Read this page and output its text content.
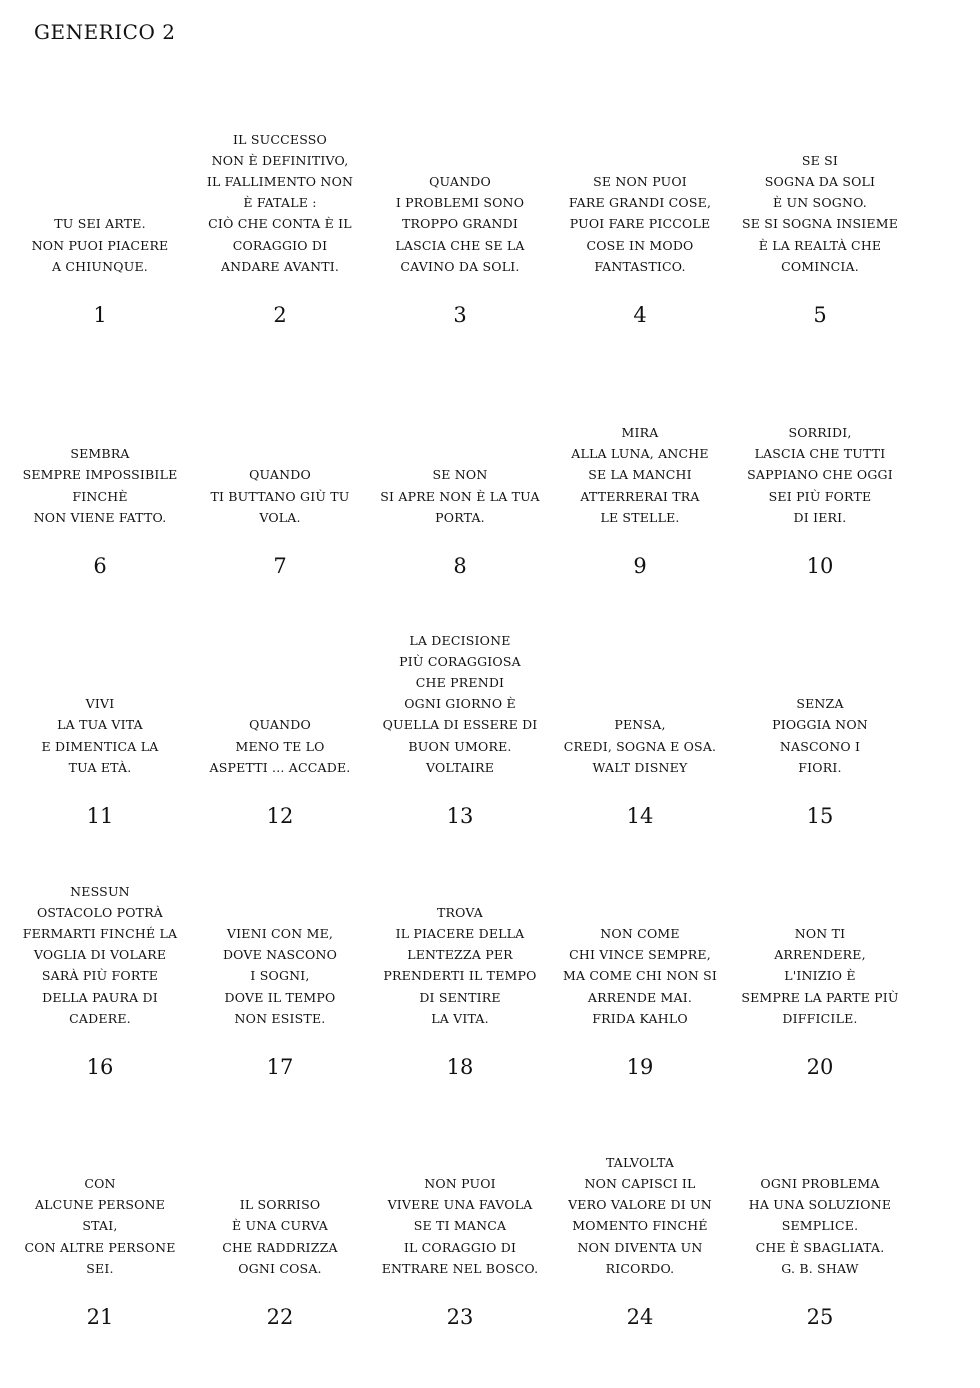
GENERICO 2
TU SEI ARTE.
NON PUOI PIACERE
A CHIUNQUE.
1
IL SUCCESSO
NON È DEFINITIVO,
IL FALLIMENTO NON
È FATALE :
CIÒ CHE CONTA È IL
CORAGGIO DI
ANDARE AVANTI.
2
QUANDO
I PROBLEMI SONO
TROPPO GRANDI
LASCIA CHE SE LA
CAVINO DA SOLI.
3
SE NON PUOI
FARE GRANDI COSE,
PUOI FARE PICCOLE
COSE IN MODO
FANTASTICO.
4
SE SI
SOGNA DA SOLI
È UN SOGNO.
SE SI SOGNA INSIEME
È LA REALTÀ CHE
COMINCIA.
5
SEMBRA
SEMPRE IMPOSSIBILE
FINCHÈ
NON VIENE FATTO.
6
QUANDO
TI BUTTANO GIÙ TU
VOLA.
7
SE NON
SI APRE NON È LA TUA
PORTA.
8
MIRA
ALLA LUNA, ANCHE
SE LA MANCHI
ATTERRERAI TRA
LE STELLE.
9
SORRIDI,
LASCIA CHE TUTTI
SAPPIANO CHE OGGI
SEI PIÙ FORTE
DI IERI.
10
VIVI
LA TUA VITA
E DIMENTICA LA
TUA ETÀ.
11
QUANDO
MENO TE LO
ASPETTI ... ACCADE.
12
LA DECISIONE
PIÙ CORAGGIOSA
CHE PRENDI
OGNI GIORNO È
QUELLA DI ESSERE DI
BUON UMORE.
VOLTAIRE
13
PENSA,
CREDI, SOGNA E OSA.
WALT DISNEY
14
SENZA
PIOGGIA NON
NASCONO I
FIORI.
15
NESSUN
OSTACOLO POTRÀ
FERMARTI FINCHÉ LA
VOGLIA DI VOLARE
SARÀ PIÙ FORTE
DELLA PAURA DI
CADERE.
16
VIENI CON ME,
DOVE NASCONO
I SOGNI,
DOVE IL TEMPO
NON ESISTE.
17
TROVA
IL PIACERE DELLA
LENTEZZA PER
PRENDERTI IL TEMPO
DI SENTIRE
LA VITA.
18
NON COME
CHI VINCE SEMPRE,
MA COME CHI NON SI
ARRENDE MAI.
FRIDA KAHLO
19
NON TI
ARRENDERE,
L'INIZIO È
SEMPRE LA PARTE PIÙ
DIFFICILE.
20
CON
ALCUNE PERSONE
STAI,
CON ALTRE PERSONE
SEI.
21
IL SORRISO
È UNA CURVA
CHE RADDRIZZA
OGNI COSA.
22
NON PUOI
VIVERE UNA FAVOLA
SE TI MANCA
IL CORAGGIO DI
ENTRARE NEL BOSCO.
23
TALVOLTA
NON CAPISCI IL
VERO VALORE DI UN
MOMENTO FINCHÉ
NON DIVENTA UN
RICORDO.
24
OGNI PROBLEMA
HA UNA SOLUZIONE
SEMPLICE.
CHE È SBAGLIATA.
G. B. SHAW
25
